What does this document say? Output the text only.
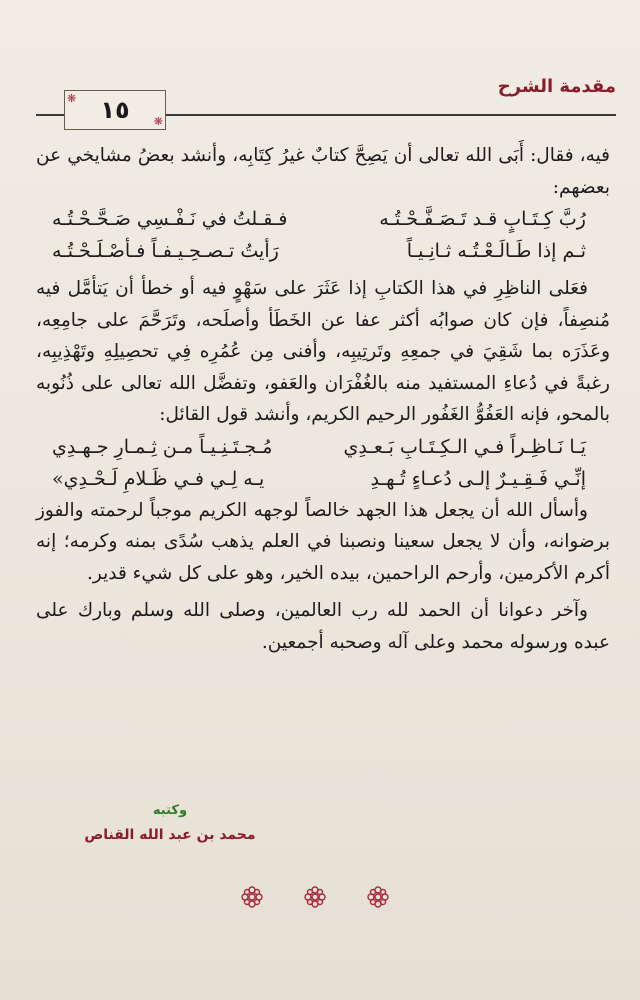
مقدمة الشرح
❋
❋
١٥

فيه، فقال: أَبَى الله تعالى أن يَصِحَّ كتابٌ غيرُ كِتَابِه، وأنشد بعضُ مشايخي عن بعضهم:

رُبَّ كِـتَـابٍ قـد تَـصَـفَّـحْـتُـه
فـقـلتُ في نَـفْـسِي صَـحَّـحْـتُـه
ثـم إذا طَـالَـعْـتُـه ثـانِـيـاً
رَأيتُ تـصـحِـيـفـاً فـأصْـلَـحْـتُـه

فعَلى الناظِرِ في هذا الكتابِ إذا عَثَرَ على سَهْوٍ فيه أو خطأ أن يَتأمَّل فيه مُنصِفاً، فإن كان صوابُه أكثر عفا عن الخَطَأ وأصلَحه، وتَرَحَّمَ على جامِعِه، وعَذَرَه بما شَقِيَ في جمعِهِ وتَرتِيبِه، وأفنى مِن عُمُرِه فِي تحصِيلِهِ وتَهْذِيبِه، رغبةً في دُعاءِ المستفيد منه بالغُفْرَان والعَفو، وتفضَّل الله تعالى على ذُنُوبه بالمحو، فإنه العَفُوُّ الغَفُور الرحيم الكريم، وأنشد قول القائل:

يَـا نَـاظِـراً فـي الـكِـتَـابِ بَـعـدِي
مُـجـتَـنِـيـاً مـن ثِـمـارِ جـهـدِي
إنِّـي فَـقِـيـرٌ إلـى دُعـاءٍ تُـهـدِ
يـه لِـي فـي ظَـلامِ لَـحْـدِي»

وأسأل الله أن يجعل هذا الجهد خالصاً لوجهه الكريم موجباً لرحمته والفوز برضوانه، وأن لا يجعل سعينا ونصبنا في العلم يذهب سُدًى بمنه وكرمه؛ إنه أكرم الأكرمين، وأرحم الراحمين، بيده الخير، وهو على كل شيء قدير.

وآخر دعوانا أن الحمد لله رب العالمين، وصلى الله وسلم وبارك على عبده ورسوله محمد وعلى آله وصحبه أجمعين.

وكتبه
محمد بن عبد الله القناص
